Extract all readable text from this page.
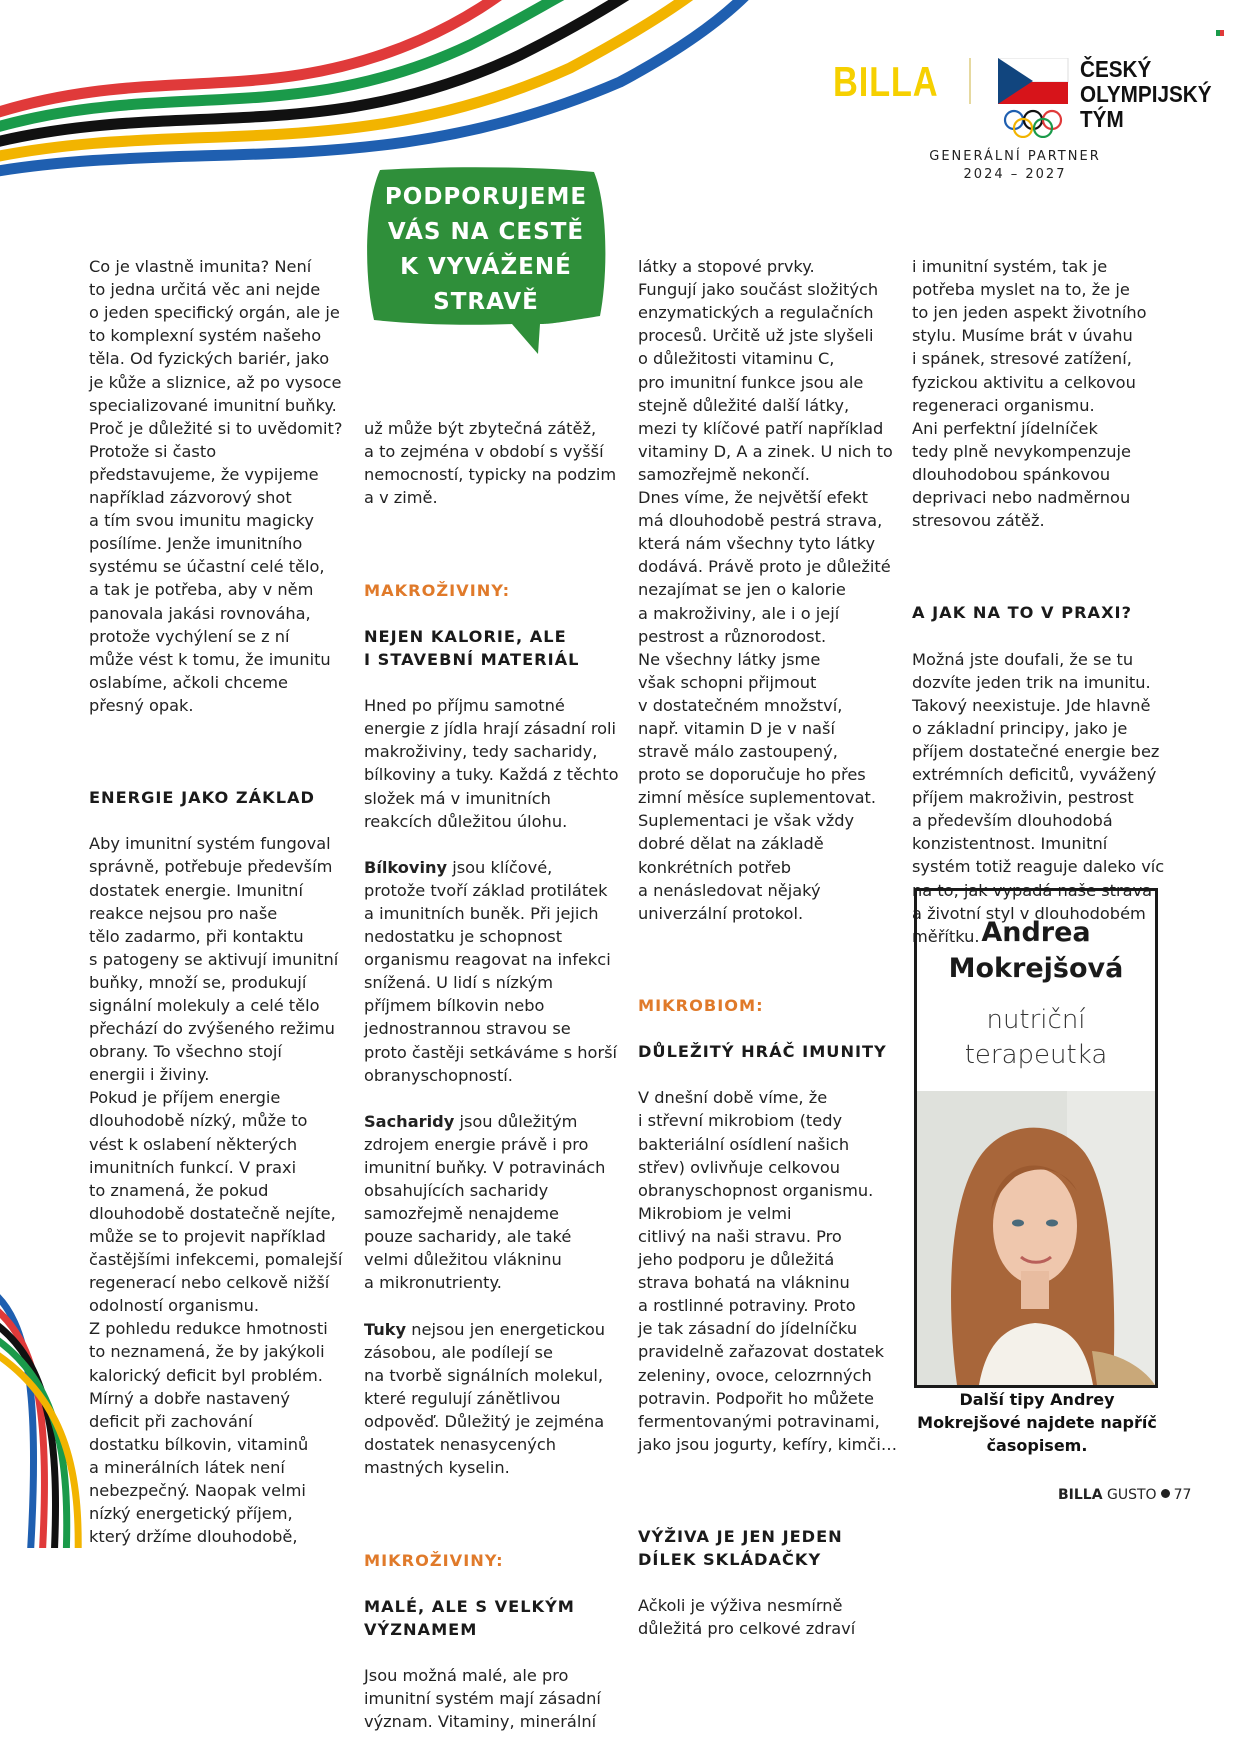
BILLA	ČESKÝ
OLYMPIJSKÝ
TÝM
GENERÁLNÍ PARTNER
2024 – 2027
PODPORUJEME
VÁS NA CESTĚ
K VYVÁŽENÉ
STRAVĚ

Co je vlastně imunita? Není
to jedna určitá věc ani nejde
o jeden specifický orgán, ale je
to komplexní systém našeho
těla. Od fyzických bariér, jako
je kůže a sliznice, až po vysoce
specializované imunitní buňky.
Proč je důležité si to uvědomit?
Protože si často
představujeme, že vypijeme
například zázvorový shot
a tím svou imunitu magicky
posílíme. Jenže imunitního
systému se účastní celé tělo,
a tak je potřeba, aby v něm
panovala jakási rovnováha,
protože vychýlení se z ní
může vést k tomu, že imunitu
oslabíme, ačkoli chceme
přesný opak.

ENERGIE JAKO ZÁKLAD

Aby imunitní systém fungoval
správně, potřebuje především
dostatek energie. Imunitní
reakce nejsou pro naše
tělo zadarmo, při kontaktu
s patogeny se aktivují imunitní
buňky, množí se, produkují
signální molekuly a celé tělo
přechází do zvýšeného režimu
obrany. To všechno stojí
energii i živiny.
Pokud je příjem energie
dlouhodobě nízký, může to
vést k oslabení některých
imunitních funkcí. V praxi
to znamená, že pokud
dlouhodobě dostatečně nejíte,
může se to projevit například
častějšími infekcemi, pomalejší
regenerací nebo celkově nižší
odolností organismu.
Z pohledu redukce hmotnosti
to neznamená, že by jakýkoli
kalorický deficit byl problém.
Mírný a dobře nastavený
deficit při zachování
dostatku bílkovin, vitaminů
a minerálních látek není
nebezpečný. Naopak velmi
nízký energetický příjem,
který držíme dlouhodobě,

už může být zbytečná zátěž,
a to zejména v období s vyšší
nemocností, typicky na podzim
a v zimě.

MAKROŽIVINY:

NEJEN KALORIE, ALE
I STAVEBNÍ MATERIÁL

Hned po příjmu samotné
energie z jídla hrají zásadní roli
makroživiny, tedy sacharidy,
bílkoviny a tuky. Každá z těchto
složek má v imunitních
reakcích důležitou úlohu.

Bílkoviny jsou klíčové,
protože tvoří základ protilátek
a imunitních buněk. Při jejich
nedostatku je schopnost
organismu reagovat na infekci
snížená. U lidí s nízkým
příjmem bílkovin nebo
jednostrannou stravou se
proto častěji setkáváme s horší
obranyschopností.

Sacharidy jsou důležitým
zdrojem energie právě i pro
imunitní buňky. V potravinách
obsahujících sacharidy
samozřejmě nenajdeme
pouze sacharidy, ale také
velmi důležitou vlákninu
a mikronutrienty.

Tuky nejsou jen energetickou
zásobou, ale podílejí se
na tvorbě signálních molekul,
které regulují zánětlivou
odpověď. Důležitý je zejména
dostatek nenasycených
mastných kyselin.

MIKROŽIVINY:

MALÉ, ALE S VELKÝM
VÝZNAMEM

Jsou možná malé, ale pro
imunitní systém mají zásadní
význam. Vitaminy, minerální

látky a stopové prvky.
Fungují jako součást složitých
enzymatických a regulačních
procesů. Určitě už jste slyšeli
o důležitosti vitaminu C,
pro imunitní funkce jsou ale
stejně důležité další látky,
mezi ty klíčové patří například
vitaminy D, A a zinek. U nich to
samozřejmě nekončí.
Dnes víme, že největší efekt
má dlouhodobě pestrá strava,
která nám všechny tyto látky
dodává. Právě proto je důležité
nezajímat se jen o kalorie
a makroživiny, ale i o její
pestrost a různorodost.
Ne všechny látky jsme
však schopni přijmout
v dostatečném množství,
např. vitamin D je v naší
stravě málo zastoupený,
proto se doporučuje ho přes
zimní měsíce suplementovat.
Suplementaci je však vždy
dobré dělat na základě
konkrétních potřeb
a nenásledovat nějaký
univerzální protokol.

MIKROBIOM:

DŮLEŽITÝ HRÁČ IMUNITY

V dnešní době víme, že
i střevní mikrobiom (tedy
bakteriální osídlení našich
střev) ovlivňuje celkovou
obranyschopnost organismu.
Mikrobiom je velmi
citlivý na naši stravu. Pro
jeho podporu je důležitá
strava bohatá na vlákninu
a rostlinné potraviny. Proto
je tak zásadní do jídelníčku
pravidelně zařazovat dostatek
zeleniny, ovoce, celozrnných
potravin. Podpořit ho můžete
fermentovanými potravinami,
jako jsou jogurty, kefíry, kimči…

VÝŽIVA JE JEN JEDEN
DÍLEK SKLÁDAČKY

Ačkoli je výživa nesmírně
důležitá pro celkové zdraví

i imunitní systém, tak je
potřeba myslet na to, že je
to jen jeden aspekt životního
stylu. Musíme brát v úvahu
i spánek, stresové zatížení,
fyzickou aktivitu a celkovou
regeneraci organismu.
Ani perfektní jídelníček
tedy plně nevykompenzuje
dlouhodobou spánkovou
deprivaci nebo nadměrnou
stresovou zátěž.

A JAK NA TO V PRAXI?

Možná jste doufali, že se tu
dozvíte jeden trik na imunitu.
Takový neexistuje. Jde hlavně
o základní principy, jako je
příjem dostatečné energie bez
extrémních deficitů, vyvážený
příjem makroživin, pestrost
a především dlouhodobá
konzistentnost. Imunitní
systém totiž reaguje daleko víc
na to, jak vypadá naše strava
a životní styl v dlouhodobém
měřítku. Andrea
Mokrejšová
nutriční
terapeutka
Další tipy Andrey
Mokrejšové najdete napříč
časopisem.
BILLA GUSTO 77
